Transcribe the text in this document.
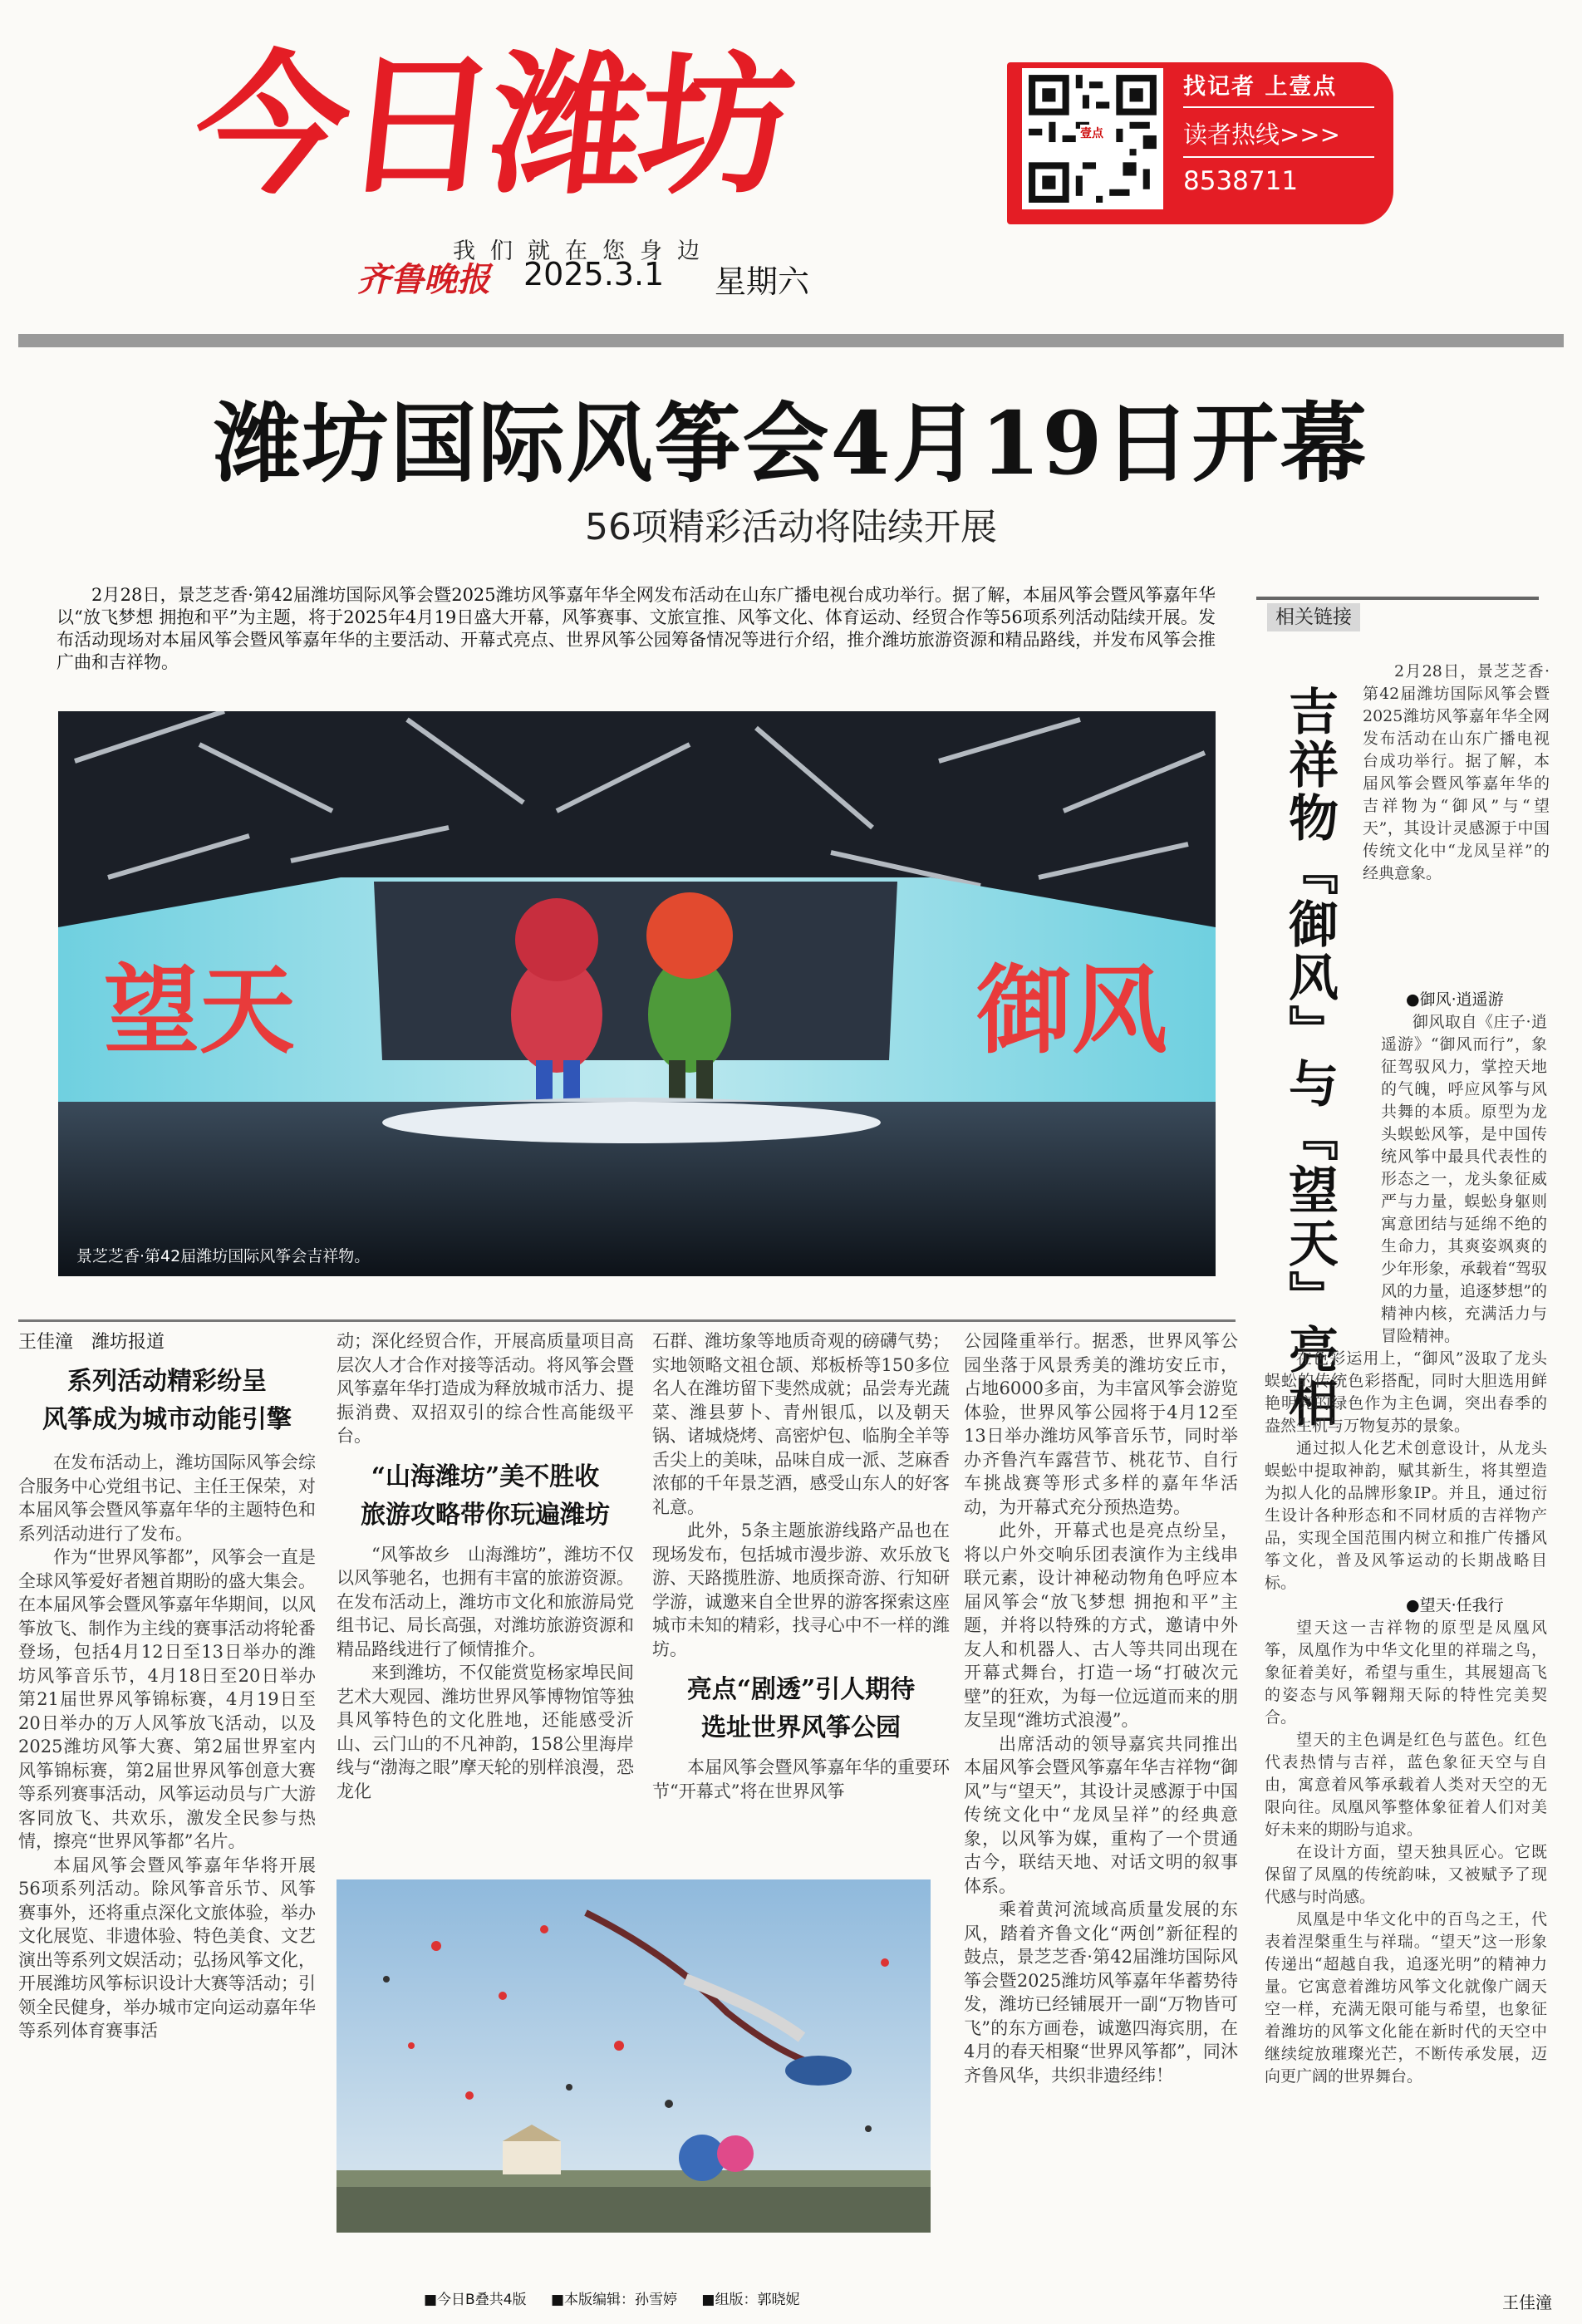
今日潍坊
我们就在您身边
齐鲁晚报 2025.3.1 星期六
壹点
找记者 上壹点
读者热线>>>
8538711
潍坊国际风筝会4月19日开幕
56项精彩活动将陆续开展
2月28日，景芝芝香·第42届潍坊国际风筝会暨2025潍坊风筝嘉年华全网发布活动在山东广播电视台成功举行。据了解，本届风筝会暨风筝嘉年华以“放飞梦想 拥抱和平”为主题，将于2025年4月19日盛大开幕，风筝赛事、文旅宣推、风筝文化、体育运动、经贸合作等56项系列活动陆续开展。发布活动现场对本届风筝会暨风筝嘉年华的主要活动、开幕式亮点、世界风筝公园筹备情况等进行介绍，推介潍坊旅游资源和精品路线，并发布风筝会推广曲和吉祥物。
望天	御风
景芝芝香·第42届潍坊国际风筝会吉祥物。
相关链接
吉祥物『御风』与『望天』亮相
2月28日，景芝芝香·第42届潍坊国际风筝会暨2025潍坊风筝嘉年华全网发布活动在山东广播电视台成功举行。据了解，本届风筝会暨风筝嘉年华的吉祥物为“御风”与“望天”，其设计灵感源于中国传统文化中“龙凤呈祥”的经典意象。

●御风·逍遥游

御风取自《庄子·逍遥游》“御风而行”，象征驾驭风力，掌控天地的气魄，呼应风筝与风共舞的本质。原型为龙头蜈蚣风筝，是中国传统风筝中最具代表性的形态之一，龙头象征威严与力量，蜈蚣身躯则寓意团结与延绵不绝的生命力，其爽姿飒爽的少年形象，承载着“驾驭风的力量，追逐梦想”的精神内核，充满活力与冒险精神。

在色彩运用上，“御风”汲取了龙头蜈蚣的传统色彩搭配，同时大胆选用鲜艳明亮的绿色作为主色调，突出春季的盎然生机与万物复苏的景象。

通过拟人化艺术创意设计，从龙头蜈蚣中提取神韵，赋其新生，将其塑造为拟人化的品牌形象IP。并且，通过衍生设计各种形态和不同材质的吉祥物产品，实现全国范围内树立和推广传播风筝文化，普及风筝运动的长期战略目标。

●望天·任我行

望天这一吉祥物的原型是凤凰风筝，凤凰作为中华文化里的祥瑞之鸟，象征着美好，希望与重生，其展翅高飞的姿态与风筝翱翔天际的特性完美契合。

望天的主色调是红色与蓝色。红色代表热情与吉祥，蓝色象征天空与自由，寓意着风筝承载着人类对天空的无限向往。凤凰风筝整体象征着人们对美好未来的期盼与追求。

在设计方面，望天独具匠心。它既保留了凤凰的传统韵味，又被赋予了现代感与时尚感。

凤凰是中华文化中的百鸟之王，代表着涅槃重生与祥瑞。“望天”这一形象传递出“超越自我，追逐光明”的精神力量。它寓意着潍坊风筝文化就像广阔天空一样，充满无限可能与希望，也象征着潍坊的风筝文化能在新时代的天空中继续绽放璀璨光芒，不断传承发展，迈向更广阔的世界舞台。

王佳潼
王佳潼　潍坊报道
系列活动精彩纷呈
风筝成为城市动能引擎

在发布活动上，潍坊国际风筝会综合服务中心党组书记、主任王保荣，对本届风筝会暨风筝嘉年华的主题特色和系列活动进行了发布。

作为“世界风筝都”，风筝会一直是全球风筝爱好者翘首期盼的盛大集会。在本届风筝会暨风筝嘉年华期间，以风筝放飞、制作为主线的赛事活动将轮番登场，包括4月12日至13日举办的潍坊风筝音乐节，4月18日至20日举办第21届世界风筝锦标赛，4月19日至20日举办的万人风筝放飞活动，以及2025潍坊风筝大赛、第2届世界室内风筝锦标赛，第2届世界风筝创意大赛等系列赛事活动，风筝运动员与广大游客同放飞、共欢乐，激发全民参与热情，擦亮“世界风筝都”名片。

本届风筝会暨风筝嘉年华将开展56项系列活动。除风筝音乐节、风筝赛事外，还将重点深化文旅体验，举办文化展览、非遗体验、特色美食、文艺演出等系列文娱活动；弘扬风筝文化，开展潍坊风筝标识设计大赛等活动；引领全民健身，举办城市定向运动嘉年华等系列体育赛事活

动；深化经贸合作，开展高质量项目高层次人才合作对接等活动。将风筝会暨风筝嘉年华打造成为释放城市活力、提振消费、双招双引的综合性高能级平台。

“山海潍坊”美不胜收
旅游攻略带你玩遍潍坊

“风筝故乡　山海潍坊”，潍坊不仅以风筝驰名，也拥有丰富的旅游资源。在发布活动上，潍坊市文化和旅游局党组书记、局长高强，对潍坊旅游资源和精品路线进行了倾情推介。

来到潍坊，不仅能赏览杨家埠民间艺术大观园、潍坊世界风筝博物馆等独具风筝特色的文化胜地，还能感受沂山、云门山的不凡神韵，158公里海岸线与“渤海之眼”摩天轮的别样浪漫，恐龙化

石群、潍坊象等地质奇观的磅礴气势；实地领略文祖仓颉、郑板桥等150多位名人在潍坊留下斐然成就；品尝寿光蔬菜、潍县萝卜、青州银瓜，以及朝天锅、诸城烧烤、高密炉包、临朐全羊等舌尖上的美味，品味自成一派、芝麻香浓郁的千年景芝酒，感受山东人的好客礼意。

此外，5条主题旅游线路产品也在现场发布，包括城市漫步游、欢乐放飞游、天路揽胜游、地质探奇游、行知研学游，诚邀来自全世界的游客探索这座城市未知的精彩，找寻心中不一样的潍坊。

亮点“剧透”引人期待
选址世界风筝公园

本届风筝会暨风筝嘉年华的重要环节“开幕式”将在世界风筝

公园隆重举行。据悉，世界风筝公园坐落于风景秀美的潍坊安丘市，占地6000多亩，为丰富风筝会游览体验，世界风筝公园将于4月12至13日举办潍坊风筝音乐节，同时举办齐鲁汽车露营节、桃花节、自行车挑战赛等形式多样的嘉年华活动，为开幕式充分预热造势。

此外，开幕式也是亮点纷呈，将以户外交响乐团表演作为主线串联元素，设计神秘动物角色呼应本届风筝会“放飞梦想 拥抱和平”主题，并将以特殊的方式，邀请中外友人和机器人、古人等共同出现在开幕式舞台，打造一场“打破次元壁”的狂欢，为每一位远道而来的朋友呈现“潍坊式浪漫”。

出席活动的领导嘉宾共同推出本届风筝会暨风筝嘉年华吉祥物“御风”与“望天”，其设计灵感源于中国传统文化中“龙凤呈祥”的经典意象，以风筝为媒，重构了一个贯通古今，联结天地、对话文明的叙事体系。

乘着黄河流域高质量发展的东风，踏着齐鲁文化“两创”新征程的鼓点，景芝芝香·第42届潍坊国际风筝会暨2025潍坊风筝嘉年华蓄势待发，潍坊已经铺展开一副“万物皆可飞”的东方画卷，诚邀四海宾朋，在4月的春天相聚“世界风筝都”，同沐齐鲁风华，共织非遗经纬！

■今日B叠共4版 ■本版编辑：孙雪婷 ■组版：郭晓妮
